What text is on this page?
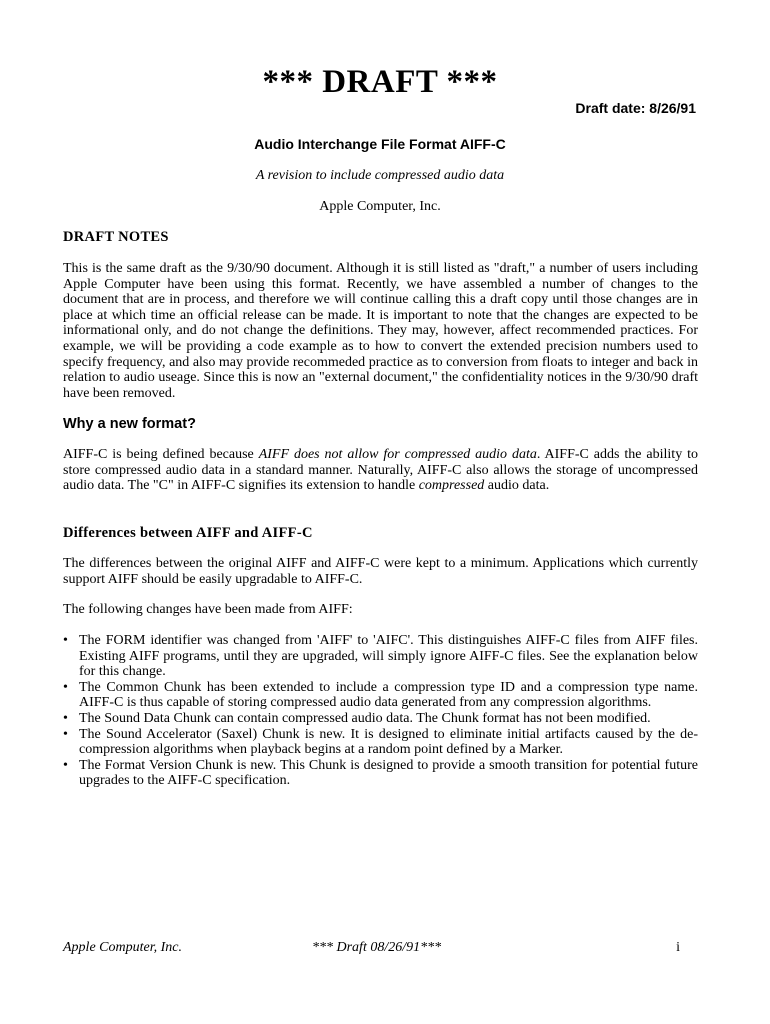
*** DRAFT ***
Draft date: 8/26/91
Audio Interchange File Format AIFF-C
A revision to include compressed audio data
Apple Computer, Inc.
DRAFT NOTES
This is the same draft as the 9/30/90 document. Although it is still listed as "draft," a number of users including Apple Computer have been using this format. Recently, we have assembled a number of changes to the document that are in process, and therefore we will continue calling this a draft copy until those changes are in place at which time an official release can be made. It is important to note that the changes are expected to be informational only, and do not change the definitions. They may, however, affect recommended practices. For example, we will be providing a code example as to how to convert the extended precision numbers used to specify frequency, and also may provide recommeded practice as to conversion from floats to integer and back in relation to audio useage. Since this is now an "external document," the confidentiality notices in the 9/30/90 draft have been removed.
Why a new format?
AIFF-C is being defined because AIFF does not allow for compressed audio data. AIFF-C adds the ability to store compressed audio data in a standard manner. Naturally, AIFF-C also allows the storage of uncompressed audio data. The "C" in AIFF-C signifies its extension to handle compressed audio data.
Differences between AIFF and AIFF-C
The differences between the original AIFF and AIFF-C were kept to a minimum. Applications which currently support AIFF should be easily upgradable to AIFF-C.
The following changes have been made from AIFF:
• The FORM identifier was changed from 'AIFF' to 'AIFC'. This distinguishes AIFF-C files from AIFF files. Existing AIFF programs, until they are upgraded, will simply ignore AIFF-C files. See the explanation below for this change.
• The Common Chunk has been extended to include a compression type ID and a compression type name. AIFF-C is thus capable of storing compressed audio data generated from any compression algorithms.
• The Sound Data Chunk can contain compressed audio data. The Chunk format has not been modified.
• The Sound Accelerator (Saxel) Chunk is new. It is designed to eliminate initial artifacts caused by the de-compression algorithms when playback begins at a random point defined by a Marker.
• The Format Version Chunk is new. This Chunk is designed to provide a smooth transition for potential future upgrades to the AIFF-C specification.
Apple Computer, Inc.	*** Draft 08/26/91***	i
